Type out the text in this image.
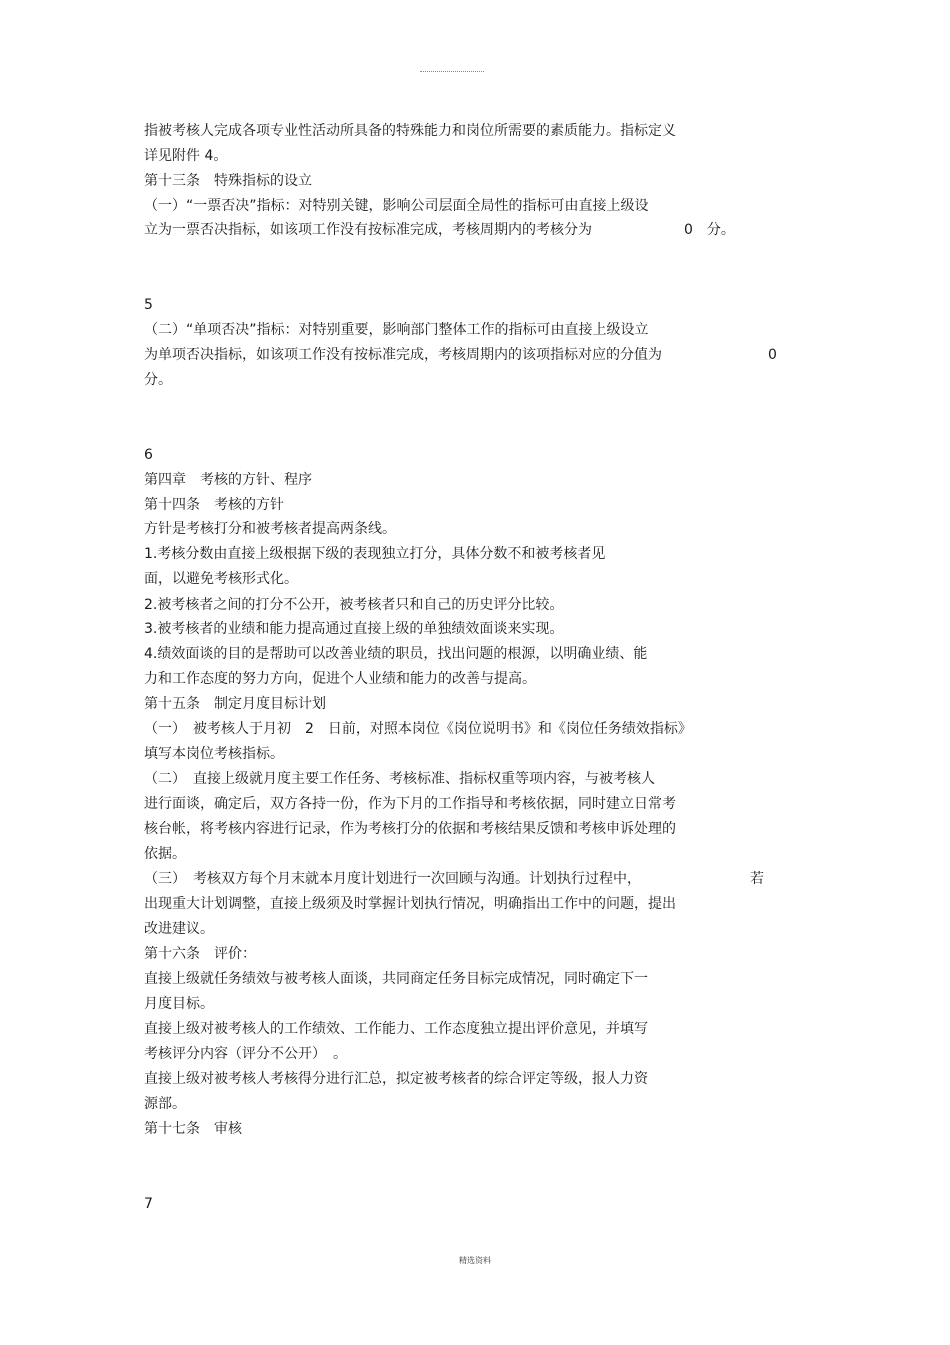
指被考核人完成各项专业性活动所具备的特殊能力和岗位所需要的素质能力。指标定义
详见附件 4。
第十三条　特殊指标的设立
（一）“一票否决”指标：对特别关键，影响公司层面全局性的指标可由直接上级设
立为一票否决指标，如该项工作没有按标准完成，考核周期内的考核分为	0　分。
5
（二）“单项否决”指标：对特别重要，影响部门整体工作的指标可由直接上级设立
为单项否决指标，如该项工作没有按标准完成，考核周期内的该项指标对应的分值为	0
分。
6
第四章　考核的方针、程序
第十四条　考核的方针
方针是考核打分和被考核者提高两条线。
1.考核分数由直接上级根据下级的表现独立打分，具体分数不和被考核者见
面，以避免考核形式化。
2.被考核者之间的打分不公开，被考核者只和自己的历史评分比较。
3.被考核者的业绩和能力提高通过直接上级的单独绩效面谈来实现。
4.绩效面谈的目的是帮助可以改善业绩的职员，找出问题的根源，以明确业绩、能
力和工作态度的努力方向，促进个人业绩和能力的改善与提高。
第十五条　制定月度目标计划
（一）　被考核人于月初　2　日前，对照本岗位《岗位说明书》和《岗位任务绩效指标》
填写本岗位考核指标。
（二）　直接上级就月度主要工作任务、考核标准、指标权重等项内容，与被考核人
进行面谈，确定后，双方各持一份，作为下月的工作指导和考核依据，同时建立日常考
核台帐，将考核内容进行记录，作为考核打分的依据和考核结果反馈和考核申诉处理的
依据。
（三）　考核双方每个月末就本月度计划进行一次回顾与沟通。计划执行过程中，	若
出现重大计划调整，直接上级须及时掌握计划执行情况，明确指出工作中的问题，提出
改进建议。
第十六条　评价：
直接上级就任务绩效与被考核人面谈，共同商定任务目标完成情况，同时确定下一
月度目标。
直接上级对被考核人的工作绩效、工作能力、工作态度独立提出评价意见，并填写
考核评分内容（评分不公开）　。
直接上级对被考核人考核得分进行汇总，拟定被考核者的综合评定等级，报人力资
源部。
第十七条　审核
7
精选资料
